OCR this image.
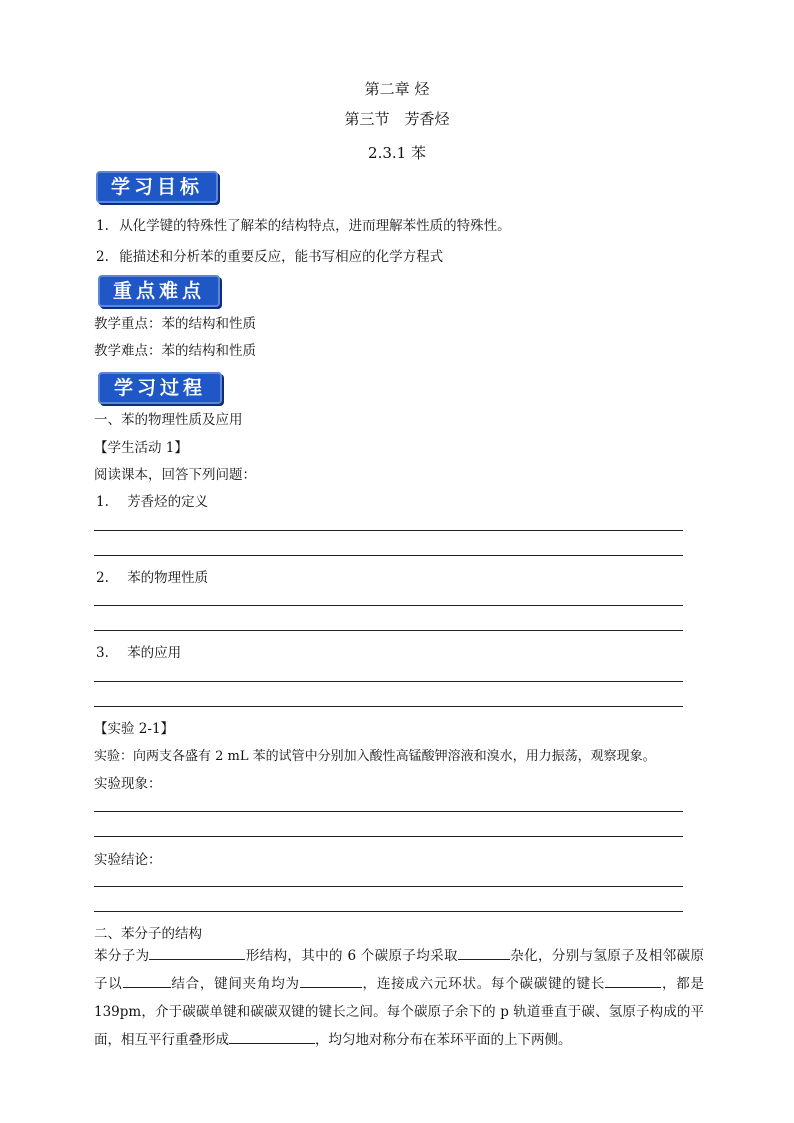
第二章 烃
第三节　芳香烃
2.3.1 苯
学习目标
1. 从化学键的特殊性了解苯的结构特点，进而理解苯性质的特殊性。
2. 能描述和分析苯的重要反应，能书写相应的化学方程式
重点难点
教学重点：苯的结构和性质
教学难点：苯的结构和性质
学习过程
一、苯的物理性质及应用
【学生活动 1】
阅读课本，回答下列问题：
1. 芳香烃的定义
2. 苯的物理性质
3. 苯的应用
【实验 2-1】
实验：向两支各盛有 2 mL 苯的试管中分别加入酸性高锰酸钾溶液和溴水，用力振荡，观察现象。
实验现象：
实验结论：
二、苯分子的结构
苯分子为	形结构，其中的 6 个碳原子均采取	杂化，分别与氢原子及相邻碳原子以	结合，键间夹角均为	，连接成六元环状。每个碳碳键的键长	，都是 139pm，介于碳碳单键和碳碳双键的键长之间。每个碳原子余下的 p 轨道垂直于碳、氢原子构成的平面，相互平行重叠形成	，均匀地对称分布在苯环平面的上下两侧。
